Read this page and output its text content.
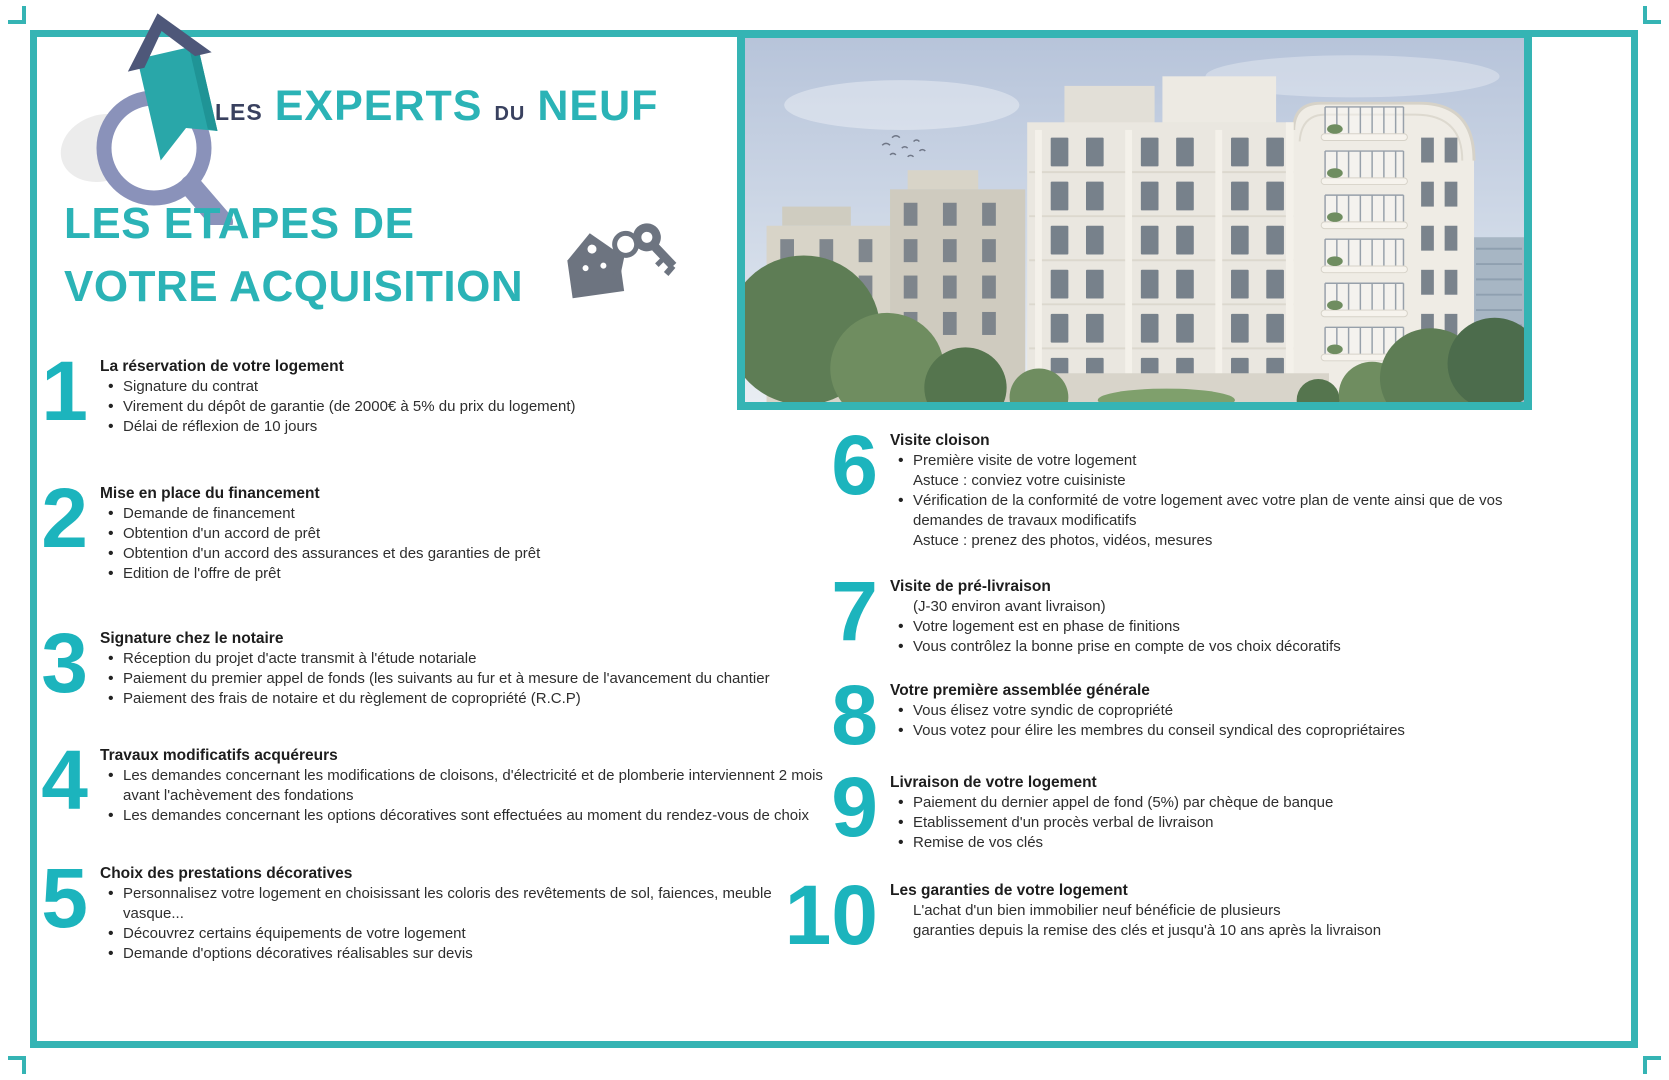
LES EXPERTS DU NEUF
LES ETAPES DE
VOTRE ACQUISITION
1 La réservation de votre logement
• Signature du contrat
• Virement du dépôt de garantie (de 2000€ à 5% du prix du logement)
• Délai de réflexion de 10 jours
2 Mise en place du financement
• Demande de financement
• Obtention d'un accord de prêt
• Obtention d'un accord des assurances et des garanties de prêt
• Edition de l'offre de prêt
3 Signature chez le notaire
• Réception du projet d'acte transmit à l'étude notariale
• Paiement du premier appel de fonds (les suivants au fur et à mesure de l'avancement du chantier
• Paiement des frais de notaire et du règlement de copropriété (R.C.P)
4 Travaux modificatifs acquéreurs
• Les demandes concernant les modifications de cloisons, d'électricité et de plomberie interviennent 2 mois avant l'achèvement des fondations
• Les demandes concernant les options décoratives sont effectuées au moment du rendez-vous de choix
5 Choix des prestations décoratives
• Personnalisez votre logement en choisissant les coloris des revêtements de sol, faiences, meuble vasque...
• Découvrez certains équipements de votre logement
• Demande d'options décoratives réalisables sur devis
6 Visite cloison
• Première visite de votre logement
Astuce : conviez votre cuisiniste
• Vérification de la conformité de votre logement avec votre plan de vente ainsi que de vos demandes de travaux modificatifs
Astuce : prenez des photos, vidéos, mesures
7 Visite de pré-livraison
(J-30 environ avant livraison)
• Votre logement est en phase de finitions
• Vous contrôlez la bonne prise en compte de vos choix décoratifs
8 Votre première assemblée générale
• Vous élisez votre syndic de copropriété
• Vous votez pour élire les membres du conseil syndical des copropriétaires
9 Livraison de votre logement
• Paiement du dernier appel de fond (5%) par chèque de banque
• Etablissement d'un procès verbal de livraison
• Remise de vos clés
10 Les garanties de votre logement
L'achat d'un bien immobilier neuf bénéficie de plusieurs
garanties depuis la remise des clés et jusqu'à 10 ans après la livraison
